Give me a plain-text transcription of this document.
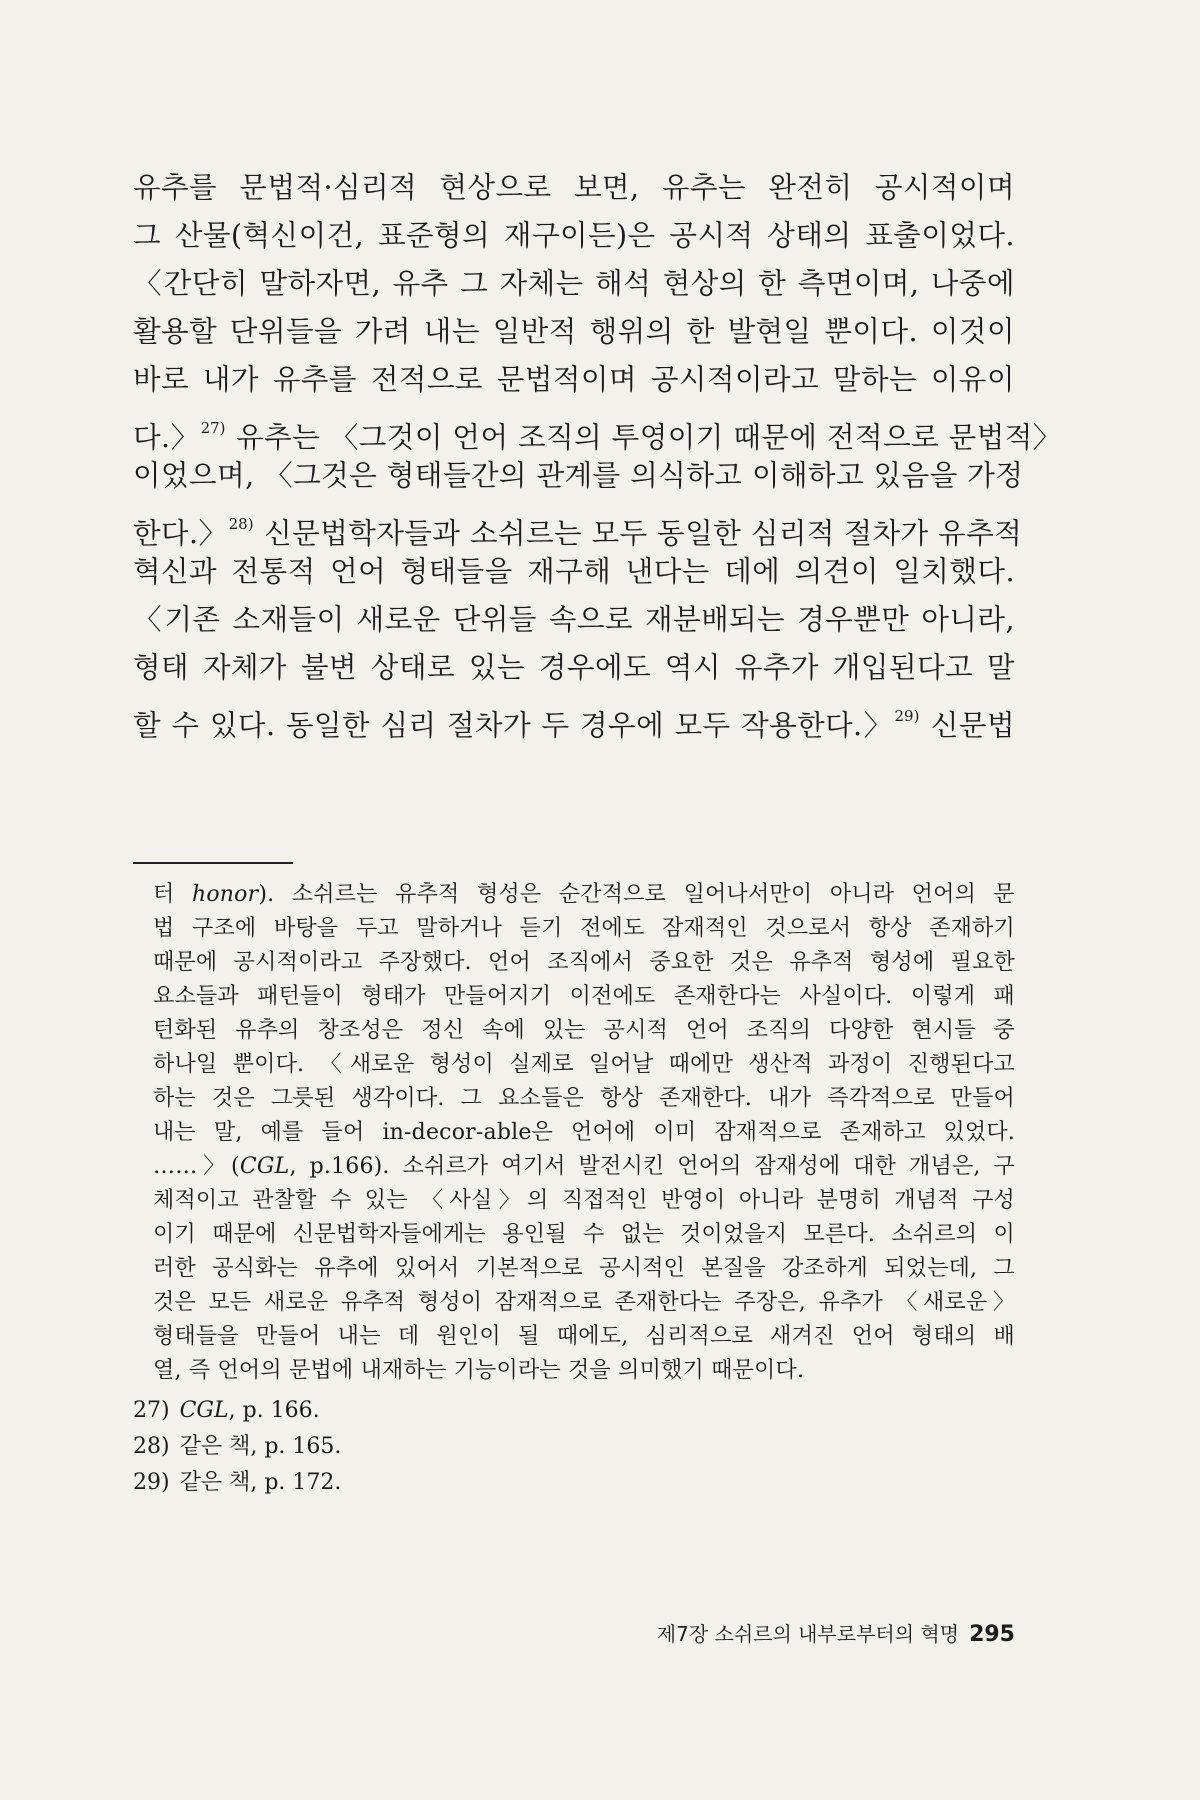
유추를 문법적·심리적 현상으로 보면, 유추는 완전히 공시적이며
그 산물(혁신이건, 표준형의 재구이든)은 공시적 상태의 표출이었다.
〈간단히 말하자면, 유추 그 자체는 해석 현상의 한 측면이며, 나중에
활용할 단위들을 가려 내는 일반적 행위의 한 발현일 뿐이다. 이것이
바로 내가 유추를 전적으로 문법적이며 공시적이라고 말하는 이유이
다.〉$^{27)}$ 유추는 〈그것이 언어 조직의 투영이기 때문에 전적으로 문법적〉
이었으며, 〈그것은 형태들간의 관계를 의식하고 이해하고 있음을 가정
한다.〉$^{28)}$ 신문법학자들과 소쉬르는 모두 동일한 심리적 절차가 유추적
혁신과 전통적 언어 형태들을 재구해 낸다는 데에 의견이 일치했다.
〈기존 소재들이 새로운 단위들 속으로 재분배되는 경우뿐만 아니라,
형태 자체가 불변 상태로 있는 경우에도 역시 유추가 개입된다고 말
할 수 있다. 동일한 심리 절차가 두 경우에 모두 작용한다.〉$^{29)}$ 신문법
터 honor). 소쉬르는 유추적 형성은 순간적으로 일어나서만이 아니라 언어의 문
법 구조에 바탕을 두고 말하거나 듣기 전에도 잠재적인 것으로서 항상 존재하기
때문에 공시적이라고 주장했다. 언어 조직에서 중요한 것은 유추적 형성에 필요한
요소들과 패턴들이 형태가 만들어지기 이전에도 존재한다는 사실이다. 이렇게 패
턴화된 유추의 창조성은 정신 속에 있는 공시적 언어 조직의 다양한 현시들 중
하나일 뿐이다. 〈새로운 형성이 실제로 일어날 때에만 생산적 과정이 진행된다고
하는 것은 그릇된 생각이다. 그 요소들은 항상 존재한다. 내가 즉각적으로 만들어
내는 말, 예를 들어 in-decor-able은 언어에 이미 잠재적으로 존재하고 있었다.
……〉(CGL, p.166). 소쉬르가 여기서 발전시킨 언어의 잠재성에 대한 개념은, 구
체적이고 관찰할 수 있는 〈사실〉의 직접적인 반영이 아니라 분명히 개념적 구성
이기 때문에 신문법학자들에게는 용인될 수 없는 것이었을지 모른다. 소쉬르의 이
러한 공식화는 유추에 있어서 기본적으로 공시적인 본질을 강조하게 되었는데, 그
것은 모든 새로운 유추적 형성이 잠재적으로 존재한다는 주장은, 유추가 〈새로운〉
형태들을 만들어 내는 데 원인이 될 때에도, 심리적으로 새겨진 언어 형태의 배
열, 즉 언어의 문법에 내재하는 기능이라는 것을 의미했기 때문이다.
27) CGL, p. 166.
28) 같은 책, p. 165.
29) 같은 책, p. 172.
제7장 소쉬르의 내부로부터의 혁명 295
